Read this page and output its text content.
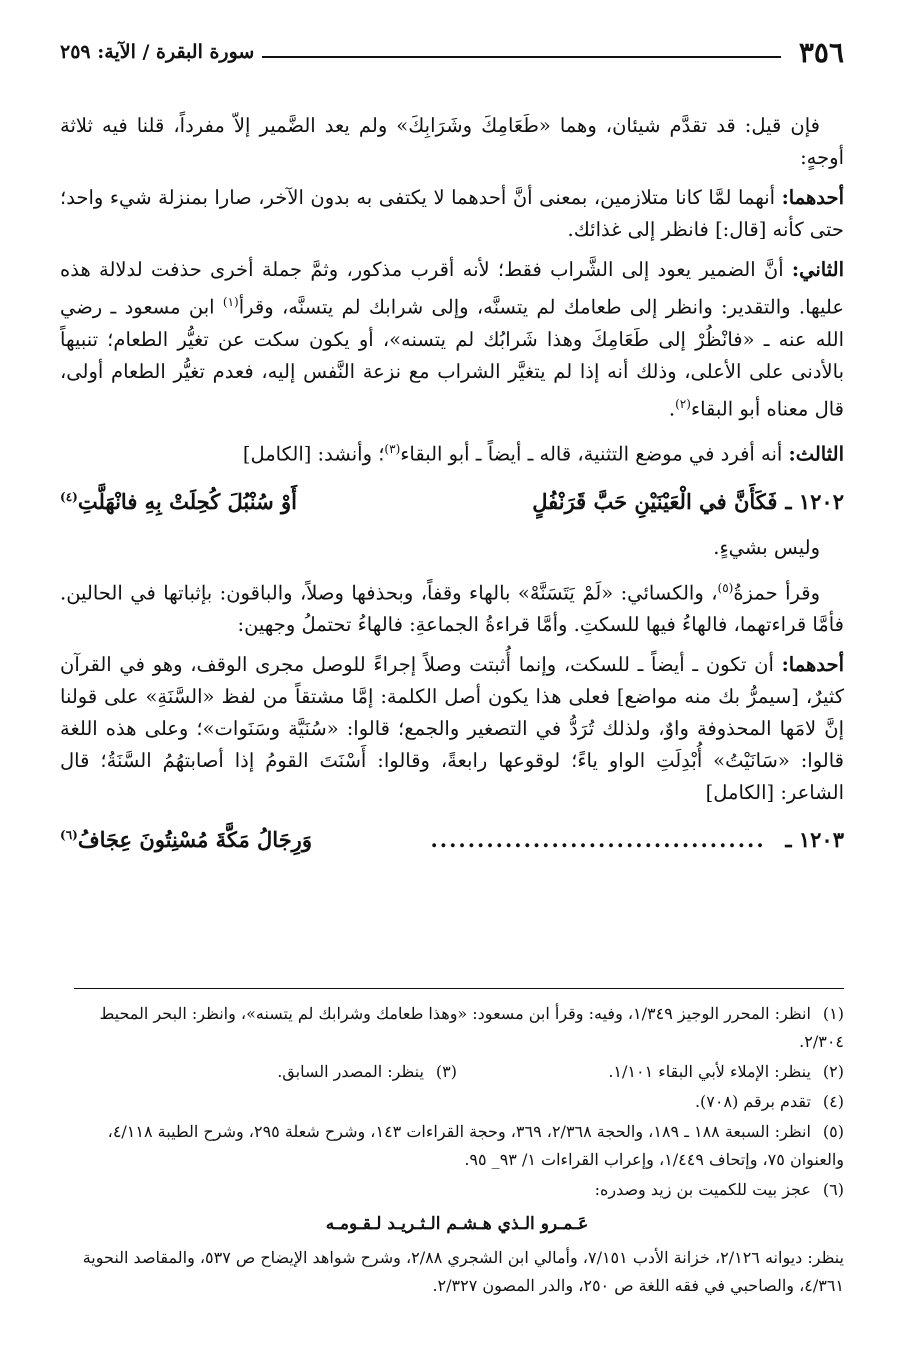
٣٥٦
سورة البقرة / الآية: ٢٥٩

فإن قيل: قد تقدَّم شيئان، وهما «طَعَامِكَ وشَرَابِكَ» ولم يعد الضَّمير إلاّ مفرداً، قلنا فيه ثلاثة أوجهٍ:

أحدهما: أنهما لمَّا كانا متلازمين، بمعنى أنَّ أحدهما لا يكتفى به بدون الآخر، صارا بمنزلة شيء واحد؛ حتى كأنه [قال:] فانظر إلى غذائك.

الثاني: أنَّ الضمير يعود إلى الشَّراب فقط؛ لأنه أقرب مذكور، وثمَّ جملة أخرى حذفت لدلالة هذه عليها. والتقدير: وانظر إلى طعامك لم يتسنَّه، وإلى شرابك لم يتسنَّه، وقرأ$^{(١)}$ ابن مسعود ـ رضي الله عنه ـ «فانْظُرْ إلى طَعَامِكَ وهذا شَرابُك لم يتسنه»، أو يكون سكت عن تغيُّر الطعام؛ تنبيهاً بالأدنى على الأعلى، وذلك أنه إذا لم يتغيَّر الشراب مع نزعة النَّفس إليه، فعدم تغيُّر الطعام أولى، قال معناه أبو البقاء$^{(٢)}$.

الثالث: أنه أفرد في موضع التثنية، قاله ـ أيضاً ـ أبو البقاء$^{(٣)}$؛ وأنشد: [الكامل]

١٢٠٢ ـ
فَكَأَنَّ في الْعَيْنَيْنِ حَبَّ قَرَنْفُلٍ
أَوْ سُنْبُلَ كُحِلَتْ بِهِ فانْهَلَّتِ$^{(٤)}$

وليس بشيءٍ.

وقرأ حمزةُ$^{(٥)}$، والكسائي: «لَمْ يَتَسَنَّهْ» بالهاء وقفاً، وبحذفها وصلاً، والباقون: بإثباتها في الحالين. فأمَّا قراءتهما، فالهاءُ فيها للسكتِ. وأمَّا قراءةُ الجماعةِ: فالهاءُ تحتملُ وجهين:

أحدهما: أن تكون ـ أيضاً ـ للسكت، وإنما أُثبتت وصلاً إجراءً للوصل مجرى الوقف، وهو في القرآن كثيرٌ، [سيمرُّ بك منه مواضع] فعلى هذا يكون أصل الكلمة: إمَّا مشتقاً من لفظ «السَّنَةِ» على قولنا إنَّ لامَها المحذوفة واوٌ، ولذلك تُرَدُّ في التصغير والجمع؛ قالوا: «سُنَيَّة وسَنَوات»؛ وعلى هذه اللغة قالوا: «سَانَيْتُ» أُبْدِلَتِ الواو ياءً؛ لوقوعها رابعةً، وقالوا: أَسْنَتَ القومُ إذا أصابتهُمُ السَّنَةُ؛ قال الشاعر: [الكامل]

١٢٠٣ ـ
....................................
وَرِجَالُ مَكَّةَ مُسْنِتُونَ عِجَافُ$^{(٦)}$

(١) انظر: المحرر الوجيز ١/٣٤٩، وفيه: وقرأ ابن مسعود: «وهذا طعامك وشرابك لم يتسنه»، وانظر: البحر المحيط ٢/٣٠٤.

(٢) ينظر: الإملاء لأبي البقاء ١/١٠١.

(٣) ينظر: المصدر السابق.

(٤) تقدم برقم (٧٠٨).

(٥) انظر: السبعة ١٨٨ ـ ١٨٩، والحجة ٢/٣٦٨، ٣٦٩، وحجة القراءات ١٤٣، وشرح شعلة ٢٩٥، وشرح الطيبة ٤/١١٨، والعنوان ٧٥، وإتحاف ١/٤٤٩، وإعراب القراءات ١/ ٩٣_ ٩٥.

(٦) عجز بيت للكميت بن زيد وصدره:

عَـمـرو الـذي هـشـم الـثـريـد لـقـومـه

ينظر: ديوانه ٢/١٢٦، خزانة الأدب ٧/١٥١، وأمالي ابن الشجري ٢/٨٨، وشرح شواهد الإيضاح ص ٥٣٧، والمقاصد النحوية ٤/٣٦١، والصاحبي في فقه اللغة ص ٢٥٠، والدر المصون ٢/٣٢٧.
